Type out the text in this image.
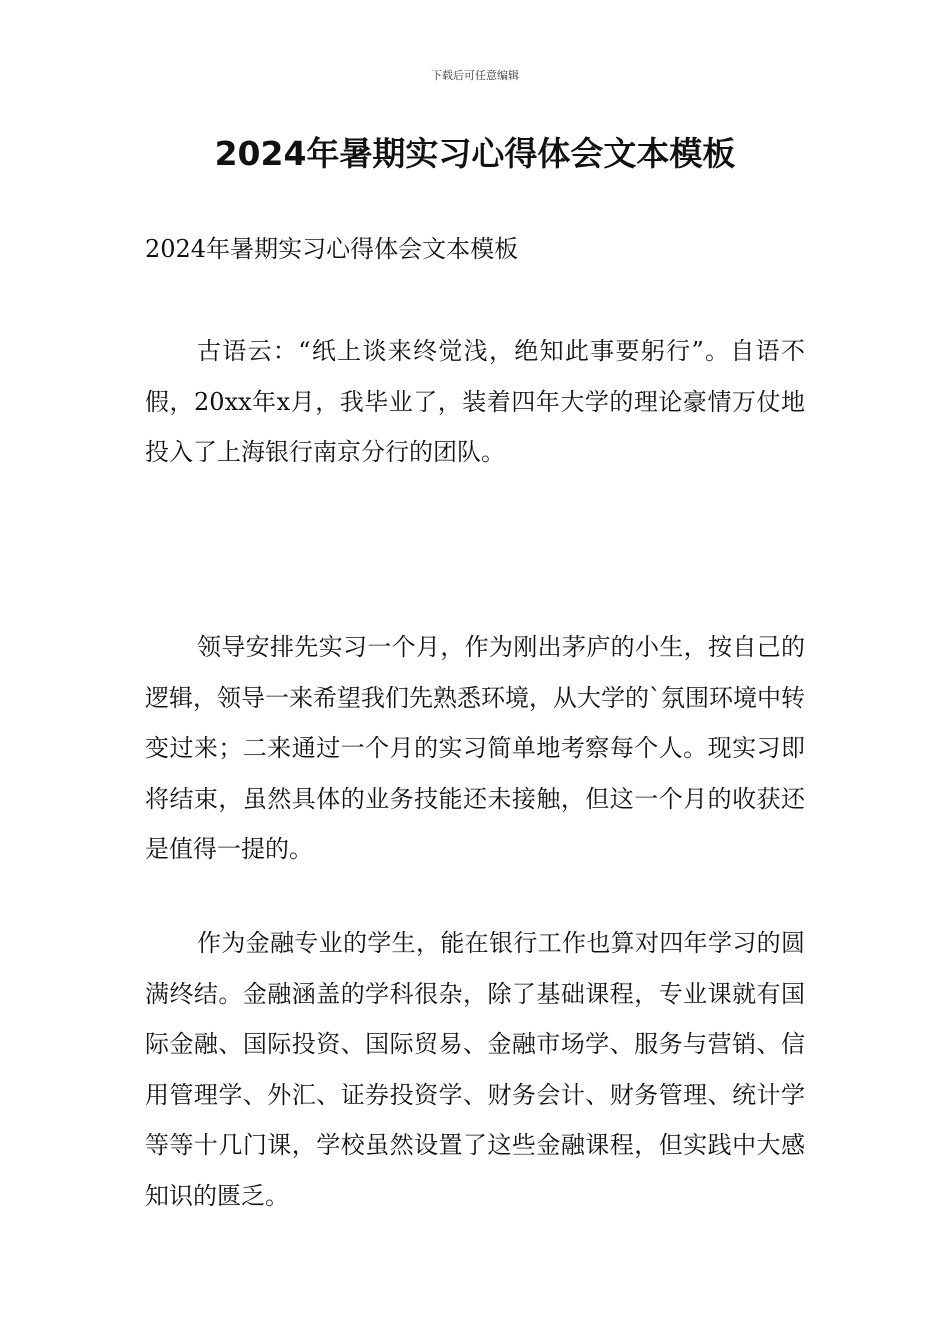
下载后可任意编辑
2024年暑期实习心得体会文本模板

2024年暑期实习心得体会文本模板

古语云：“纸上谈来终觉浅，绝知此事要躬行”。自语不假，20xx年x月，我毕业了，装着四年大学的理论豪情万仗地投入了上海银行南京分行的团队。

领导安排先实习一个月，作为刚出茅庐的小生，按自己的逻辑，领导一来希望我们先熟悉环境，从大学的`氛围环境中转变过来；二来通过一个月的实习简单地考察每个人。现实习即将结束，虽然具体的业务技能还未接触，但这一个月的收获还是值得一提的。

作为金融专业的学生，能在银行工作也算对四年学习的圆满终结。金融涵盖的学科很杂，除了基础课程，专业课就有国际金融、国际投资、国际贸易、金融市场学、服务与营销、信用管理学、外汇、证券投资学、财务会计、财务管理、统计学等等十几门课，学校虽然设置了这些金融课程，但实践中大感知识的匮乏。
